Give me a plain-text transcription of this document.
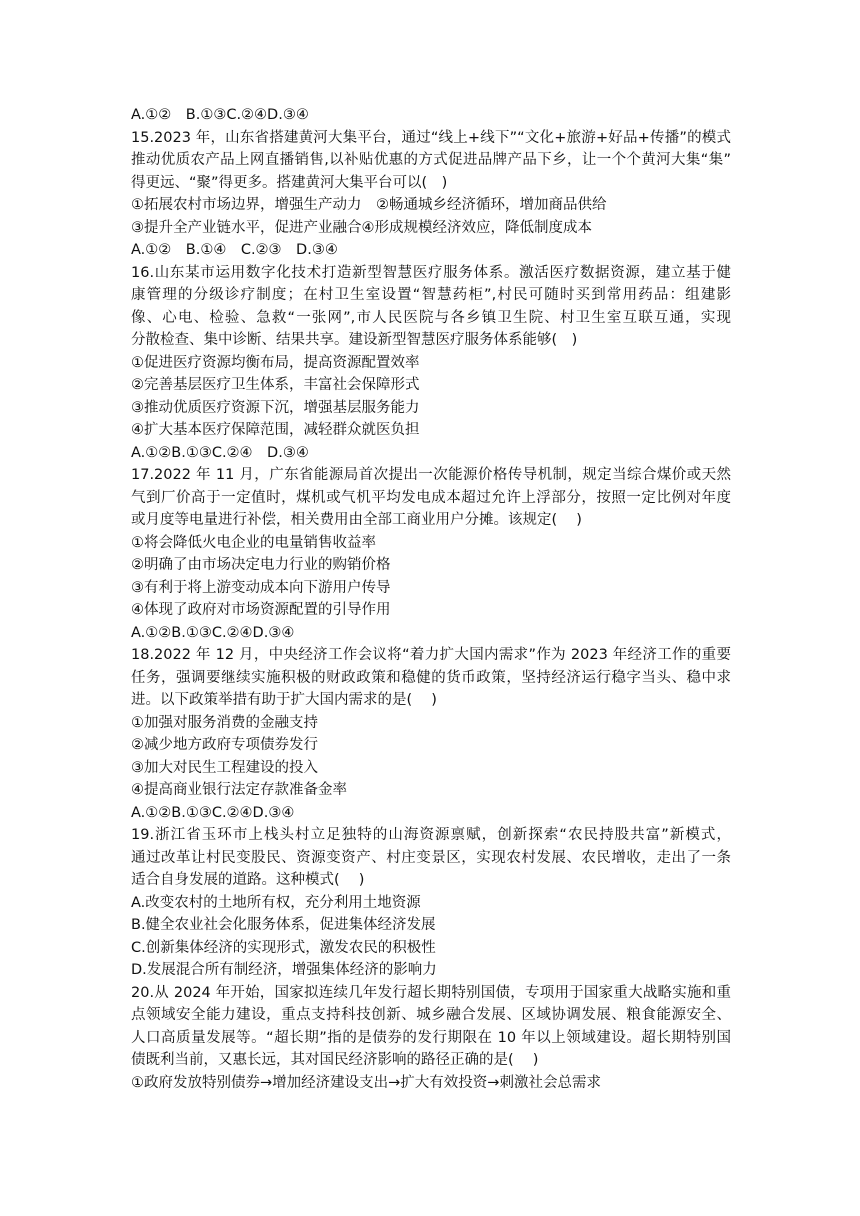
A.①②　B.①③C.②④D.③④
15.2023 年，山东省搭建黄河大集平台，通过“线上+线下”“文化+旅游+好品+传播”的模式
推动优质农产品上网直播销售,以补贴优惠的方式促进品牌产品下乡，让一个个黄河大集“集”
得更远、“聚”得更多。搭建黄河大集平台可以(　)
①拓展农村市场边界，增强生产动力　②畅通城乡经济循环，增加商品供给
③提升全产业链水平，促进产业融合④形成规模经济效应，降低制度成本
A.①②　B.①④　C.②③　D.③④
16.山东某市运用数字化技术打造新型智慧医疗服务体系。激活医疗数据资源，建立基于健
康管理的分级诊疗制度；在村卫生室设置“智慧药柜”,村民可随时买到常用药品：组建影
像、心电、检验、急救“一张网”,市人民医院与各乡镇卫生院、村卫生室互联互通，实现
分散检查、集中诊断、结果共享。建设新型智慧医疗服务体系能够(　)
①促进医疗资源均衡布局，提高资源配置效率
②完善基层医疗卫生体系，丰富社会保障形式
③推动优质医疗资源下沉，增强基层服务能力
④扩大基本医疗保障范围，减轻群众就医负担
A.①②B.①③C.②④　D.③④
17.2022 年 11 月，广东省能源局首次提出一次能源价格传导机制，规定当综合煤价或天然
气到厂价高于一定值时，煤机或气机平均发电成本超过允许上浮部分，按照一定比例对年度
或月度等电量进行补偿，相关费用由全部工商业用户分摊。该规定(　 )
①将会降低火电企业的电量销售收益率
②明确了由市场决定电力行业的购销价格
③有利于将上游变动成本向下游用户传导
④体现了政府对市场资源配置的引导作用
A.①②B.①③C.②④D.③④
18.2022 年 12 月，中央经济工作会议将“着力扩大国内需求”作为 2023 年经济工作的重要
任务，强调要继续实施积极的财政政策和稳健的货币政策，坚持经济运行稳字当头、稳中求
进。以下政策举措有助于扩大国内需求的是(　 )
①加强对服务消费的金融支持
②减少地方政府专项债券发行
③加大对民生工程建设的投入
④提高商业银行法定存款准备金率
A.①②B.①③C.②④D.③④
19.浙江省玉环市上栈头村立足独特的山海资源禀赋，创新探索“农民持股共富”新模式，
通过改革让村民变股民、资源变资产、村庄变景区，实现农村发展、农民增收，走出了一条
适合自身发展的道路。这种模式(　 )
A.改变农村的土地所有权，充分利用土地资源
B.健全农业社会化服务体系，促进集体经济发展
C.创新集体经济的实现形式，激发农民的积极性
D.发展混合所有制经济，增强集体经济的影响力
20.从 2024 年开始，国家拟连续几年发行超长期特别国债，专项用于国家重大战略实施和重
点领域安全能力建设，重点支持科技创新、城乡融合发展、区域协调发展、粮食能源安全、
人口高质量发展等。“超长期”指的是债券的发行期限在 10 年以上领域建设。超长期特别国
债既利当前，又惠长远，其对国民经济影响的路径正确的是(　 )
①政府发放特别债券→增加经济建设支出→扩大有效投资→刺激社会总需求
